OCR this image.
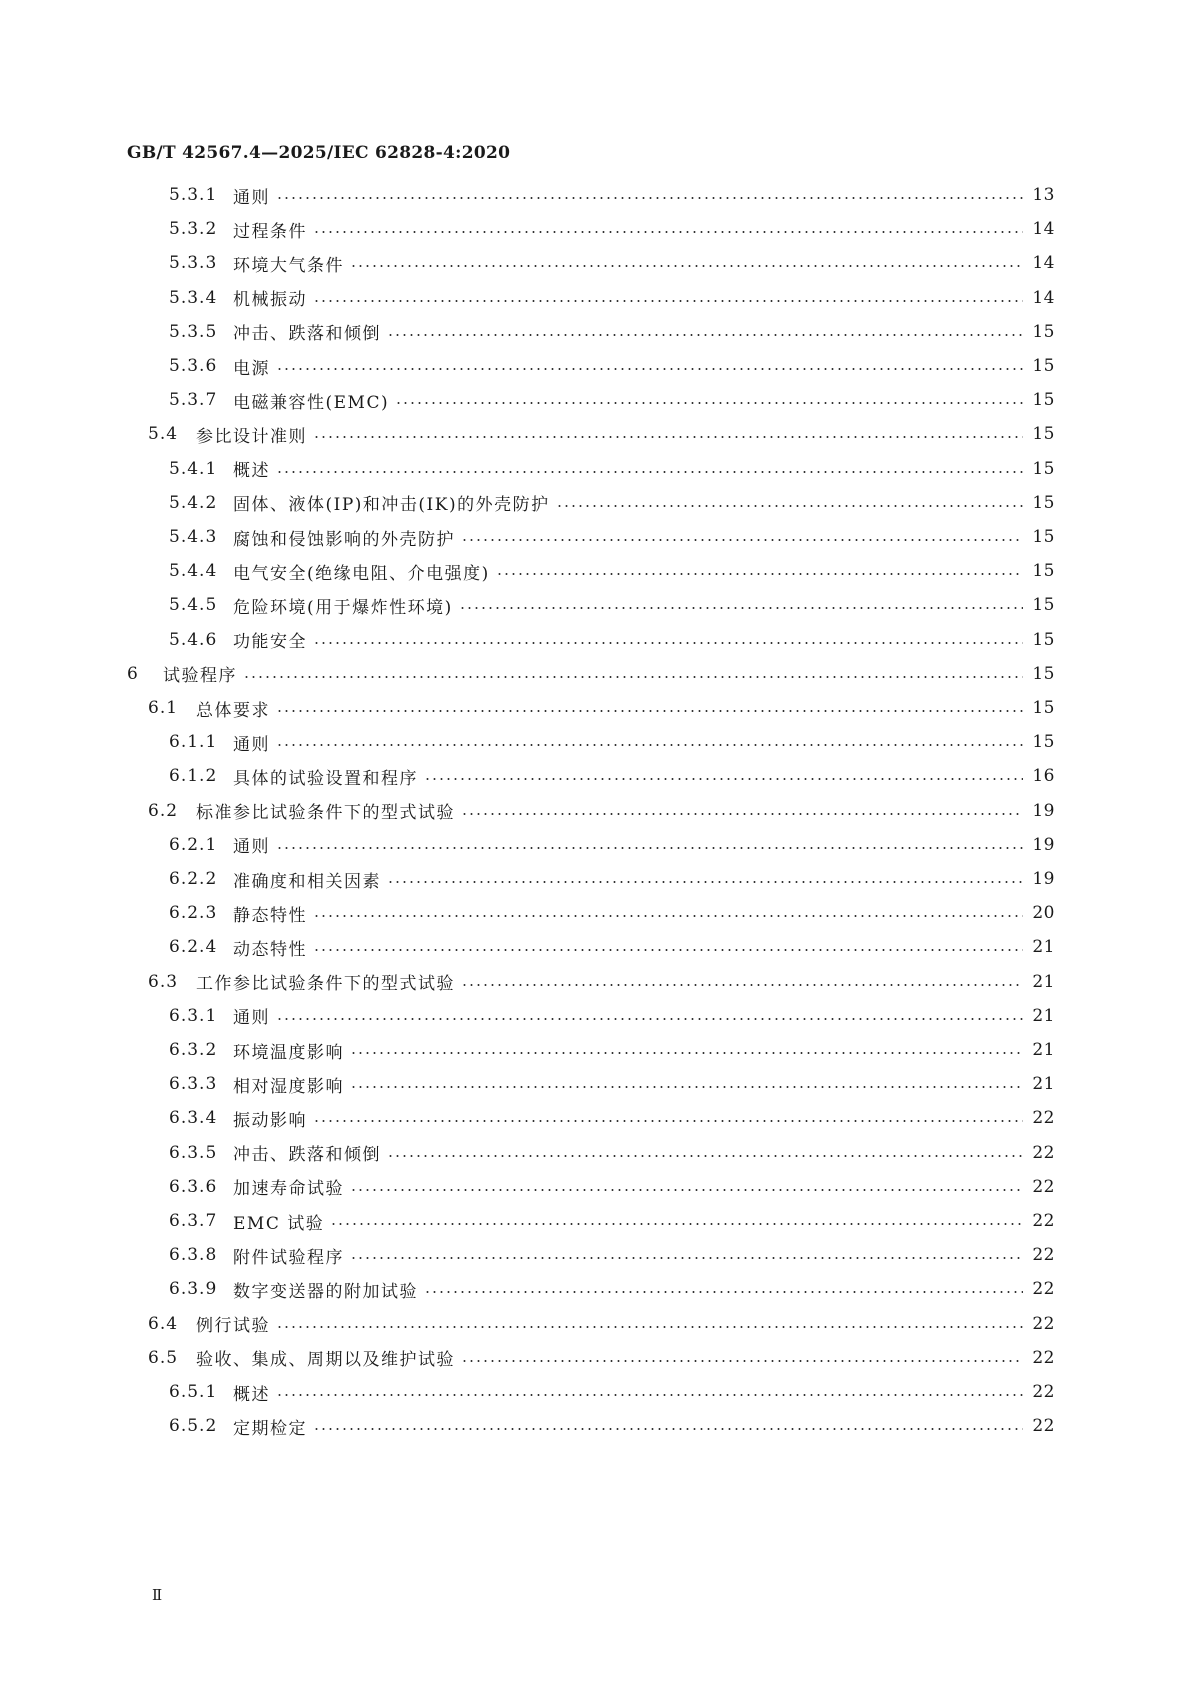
GB/T 42567.4—2025/IEC 62828-4:2020
5.3.1 通则	13
5.3.2 过程条件	14
5.3.3 环境大气条件	14
5.3.4 机械振动	14
5.3.5 冲击、跌落和倾倒	15
5.3.6 电源	15
5.3.7 电磁兼容性(EMC)	15
5.4	参比设计准则	15
5.4.1 概述	15
5.4.2 固体、液体(IP)和冲击(IK)的外壳防护	15
5.4.3 腐蚀和侵蚀影响的外壳防护	15
5.4.4 电气安全(绝缘电阻、介电强度)	15
5.4.5 危险环境(用于爆炸性环境)	15
5.4.6 功能安全	15
6	试验程序	15
6.1	总体要求	15
6.1.1 通则	15
6.1.2 具体的试验设置和程序	16
6.2	标准参比试验条件下的型式试验	19
6.2.1 通则	19
6.2.2 准确度和相关因素	19
6.2.3 静态特性	20
6.2.4 动态特性	21
6.3	工作参比试验条件下的型式试验	21
6.3.1 通则	21
6.3.2 环境温度影响	21
6.3.3 相对湿度影响	21
6.3.4 振动影响	22
6.3.5 冲击、跌落和倾倒	22
6.3.6 加速寿命试验	22
6.3.7 EMC 试验	22
6.3.8 附件试验程序	22
6.3.9 数字变送器的附加试验	22
6.4	例行试验	22
6.5	验收、集成、周期以及维护试验	22
6.5.1 概述	22
6.5.2 定期检定	22
Ⅱ
